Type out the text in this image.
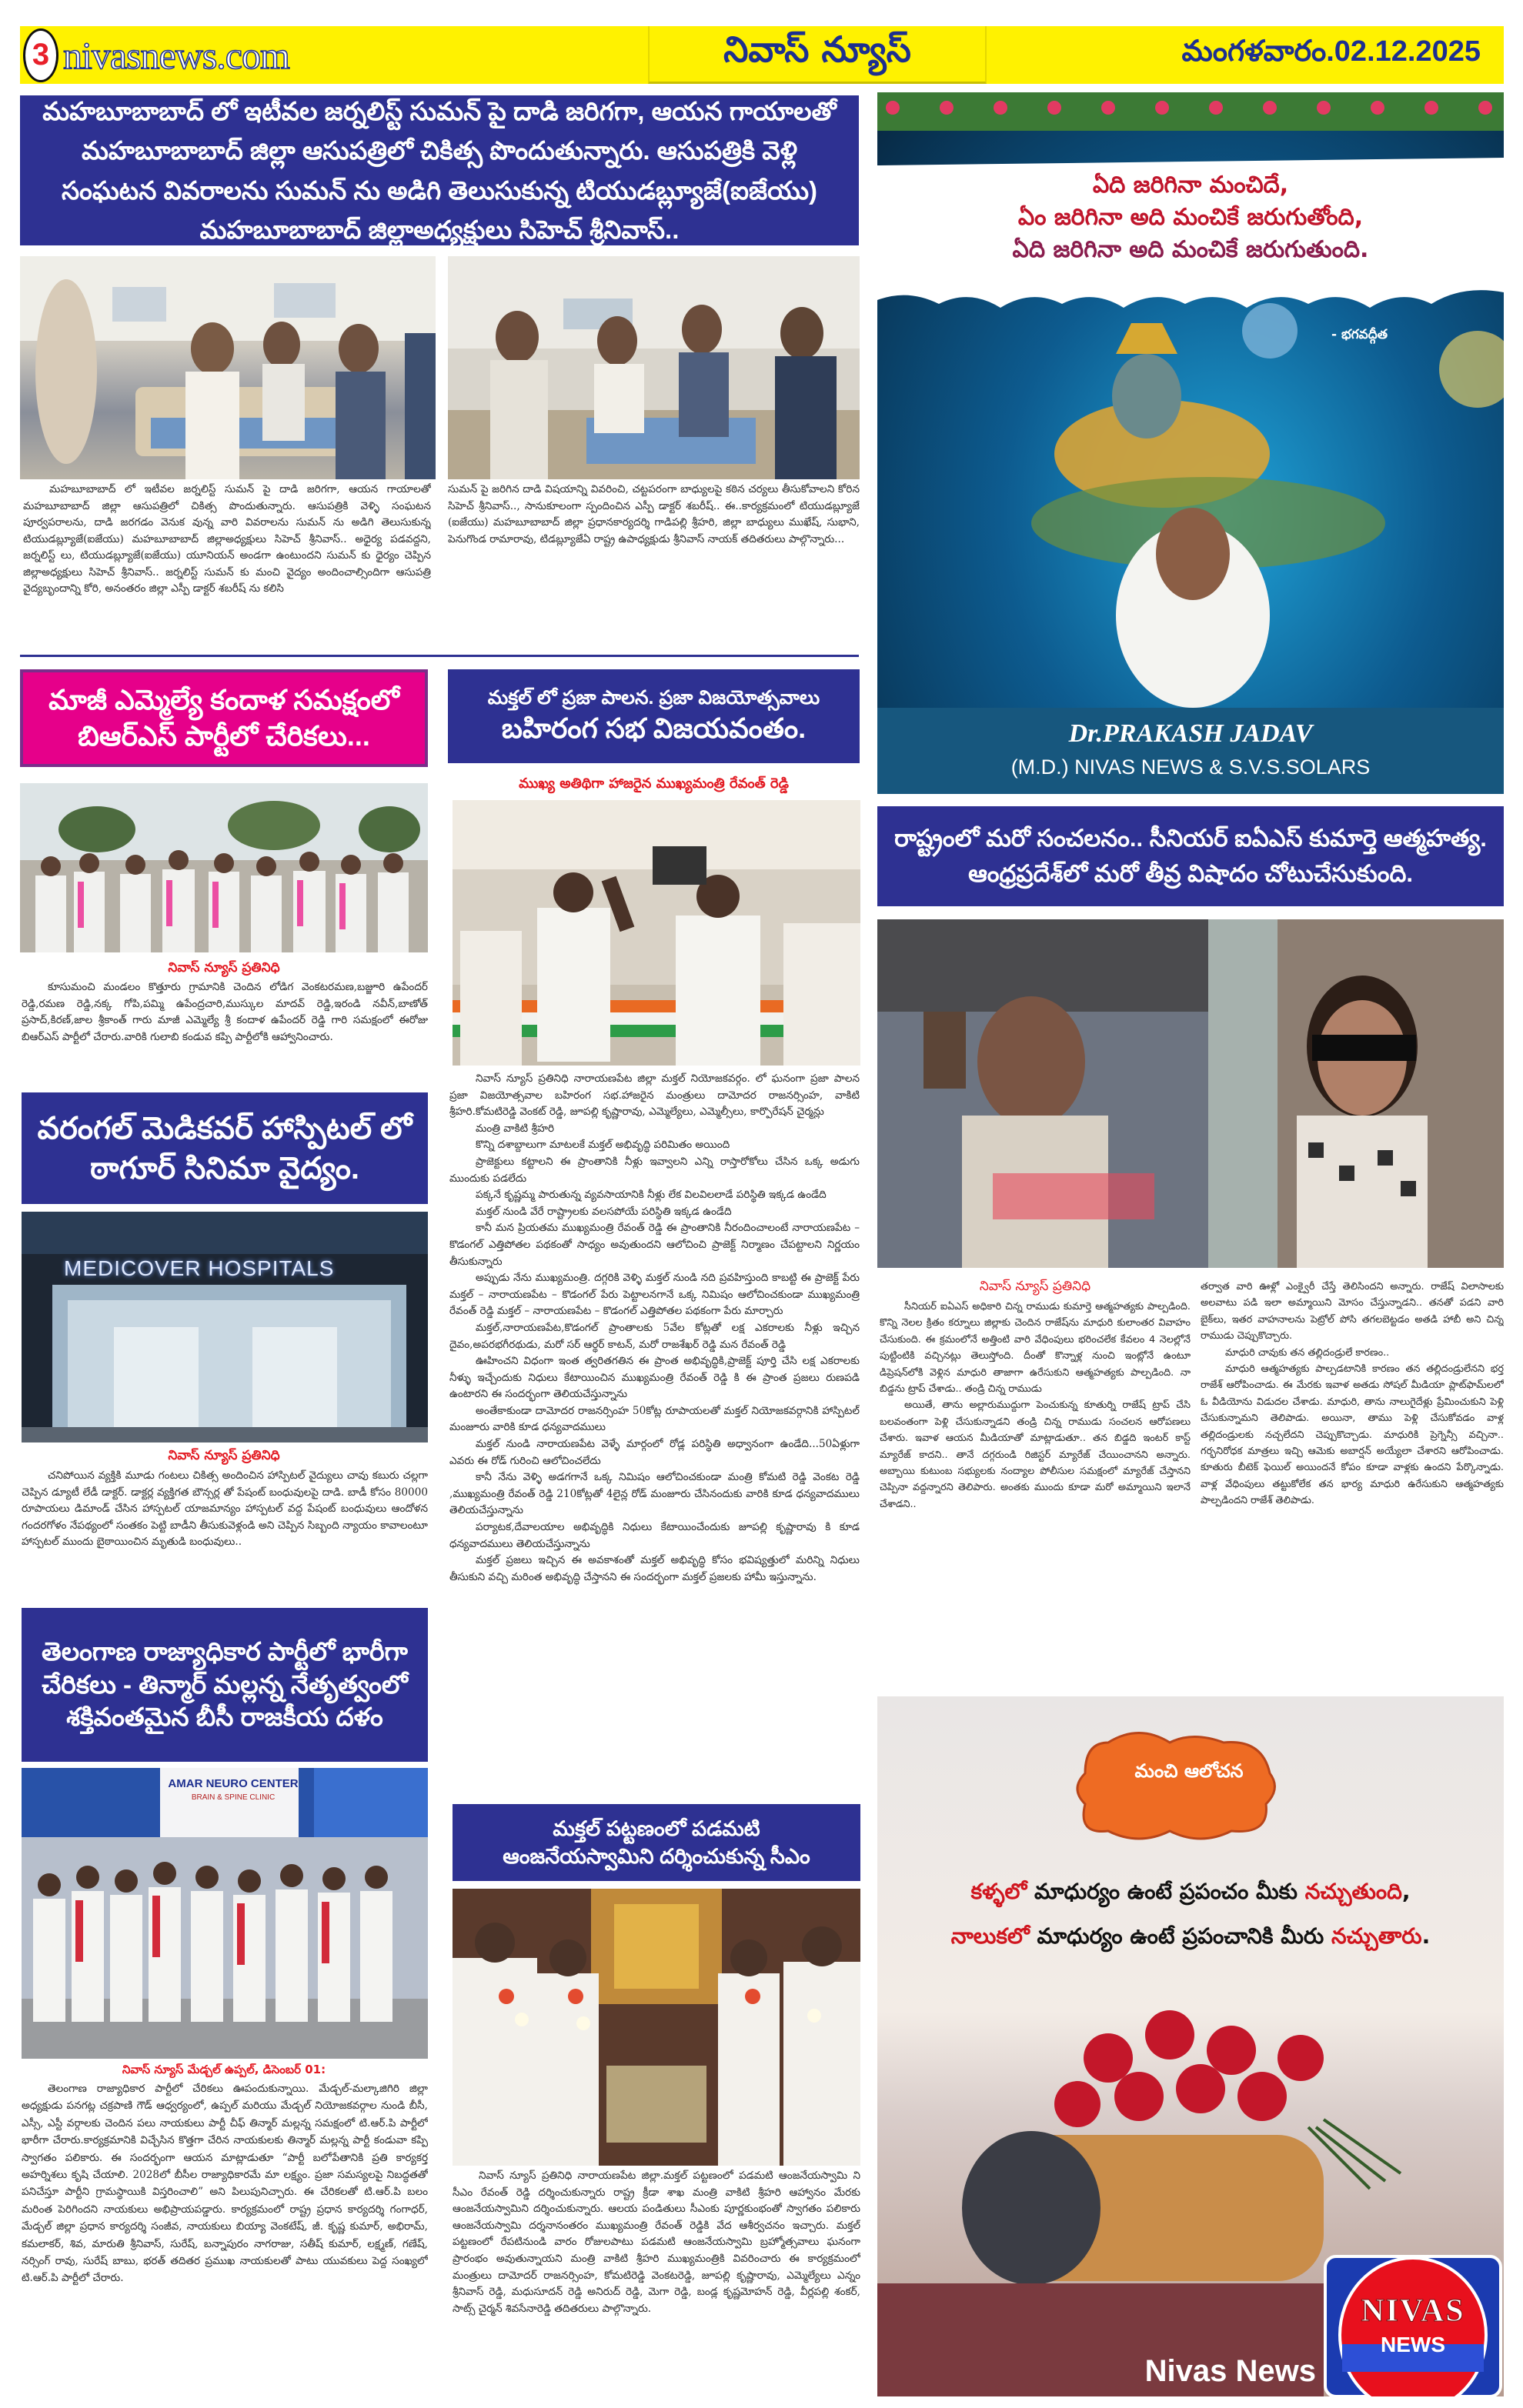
3 nivasnews.com	నివాస్ న్యూస్	మంగళవారం.02.12.2025
మహబూబాబాద్ లో ఇటీవల జర్నలిస్ట్ సుమన్ పై దాడి జరిగగా, ఆయన గాయాలతో మహబూబాబాద్ జిల్లా ఆసుపత్రిలో చికిత్స పొందుతున్నారు. ఆసుపత్రికి వెళ్లి సంఘటన వివరాలను సుమన్ ను అడిగి తెలుసుకున్న టియుడబ్ల్యూజే(ఐజేయు) మహబూబాబాద్ జిల్లాఅధ్యక్షులు సిహెచ్ శ్రీనివాస్..

మహబూబాబాద్ లో ఇటీవల జర్నలిస్ట్ సుమన్ పై దాడి జరిగగా, ఆయన గాయాలతో మహబూబాబాద్ జిల్లా ఆసుపత్రిలో చికిత్స పొందుతున్నారు. ఆసుపత్రికి వెళ్ళి సంఘటన పూర్వపరాలను, దాడి జరగడం వెనుక వున్న వారి వివరాలను సుమన్ ను అడిగి తెలుసుకున్న టియుడబ్ల్యూజే(ఐజేయు) మహబూబాబాద్ జిల్లాఅధ్యక్షులు సిహెచ్ శ్రీనివాస్.. అధైర్య పడవద్దని, జర్నలిస్ట్ లు, టియుడబ్ల్యూజే(ఐజేయు) యూనియన్ అండగా ఉంటుందని సుమన్ కు ధైర్యం చెప్పిన జిల్లాఅధ్యక్షులు సిహెచ్ శ్రీనివాస్.. జర్నలిస్ట్ సుమన్ కు మంచి వైద్యం అందించాల్సిందిగా ఆసుపత్రి వైద్యబృందాన్ని కోరి, అనంతరం జిల్లా ఎస్పీ డాక్టర్ శబరీష్ ను కలిసి

సుమన్ పై జరిగిన దాడి విషయాన్ని వివరించి, చట్టపరంగా బాధ్యులపై కఠిన చర్యలు తీసుకోవాలని కోరిన సిహెచ్ శ్రీనివాస్.., సానుకూలంగా స్పందించిన ఎస్పీ డాక్టర్ శబరీష్.. ఈ..కార్యక్రమంలో టియుడబ్ల్యూజే (ఐజేయు) మహబూబాబాద్ జిల్లా ప్రధానకార్యదర్శి గాడిపల్లి శ్రీహరి, జిల్లా బాధ్యులు ముఖేష్, సుభాని, పెనుగొండ రామారావు, టిడబ్ల్యూజేఏ రాష్ట్ర ఉపాధ్యక్షుడు శ్రీనివాస్ నాయక్ తదితరులు పాల్గొన్నారు...

మాజీ ఎమ్మెల్యే కందాళ సమక్షంలో బిఆర్ఎస్ పార్టీలో చేరికలు...
నివాస్ న్యూస్ ప్రతినిధి

కూసుమంచి మండలం కొత్తూరు గ్రామానికి చెందిన లోడిగ వెంకటరమణ,బజ్జూరి ఉపేందర్ రెడ్డి,రమణ రెడ్డి,నక్క గోపి,పమ్మి ఉపేంద్రచారి,ముస్కుల మాదవ్ రెడ్డి,ఇరండి నవీన్,బాణోత్ ప్రసాద్,కిరణ్,జాల శ్రీకాంత్ గారు మాజీ ఎమ్మెల్యే శ్రీ కందాళ ఉపేందర్ రెడ్డి గారి సమక్షంలో ఈరోజు బిఆర్ఎస్ పార్టీలో చేరారు.వారికి గులాబి కండువ కప్పి పార్టీలోకి ఆహ్వానించారు.

వరంగల్ మెడికవర్ హాస్పిటల్ లో ఠాగూర్ సినిమా వైద్యం.
MEDICOVER HOSPITALS
నివాస్ న్యూస్ ప్రతినిధి

చనిపోయిన వ్యక్తికి మూడు గంటలు చికిత్స అందించిన హాస్పిటల్ వైద్యులు చావు కబురు చల్లగా చెప్పిన డ్యూటీ లేడీ డాక్టర్. డాక్టర్ల వ్యక్తిగత బౌన్సర్ల తో పేషంట్ బంధువులపై దాడి. బాడీ కోసం 80000 రూపాయలు డిమాండ్ చేసిన హాస్పటల్ యాజమాన్యం హాస్పటల్ వద్ద పేషంట్ బంధువులు ఆందోళన గందరగోళం నేపథ్యంలో సంతకం పెట్టి బాడీని తీసుకువెళ్లండి అని చెప్పిన సిబ్బంది న్యాయం కావాలంటూ హాస్పటల్ ముందు బైఠాయించిన మృతుడి బంధువులు..

తెలంగాణ రాజ్యాధికార పార్టీలో భారీగా చేరికలు - తిన్మార్ మల్లన్న నేతృత్వంలో శక్తివంతమైన బీసీ రాజకీయ దళం
AMAR NEURO CENTER
BRAIN & SPINE CLINIC
నివాస్ న్యూస్ మేడ్చల్ ఉప్పల్, డిసెంబర్ 01:

తెలంగాణ రాజ్యాధికార పార్టీలో చేరికలు ఊపందుకున్నాయి. మేడ్చల్-మల్కాజిగిరి జిల్లా అధ్యక్షుడు పనగట్ల చక్రపాణి గౌడ్ ఆధ్వర్యంలో, ఉప్పల్ మరియు మేడ్చల్ నియోజకవర్గాల నుండి బీసీ, ఎస్సీ, ఎస్టీ వర్గాలకు చెందిన పలు నాయకులు పార్టీ చీఫ్ తిన్మార్ మల్లన్న సమక్షంలో టి.ఆర్.పి పార్టీలో భారీగా చేరారు.కార్యక్రమానికి విచ్చేసిన కొత్తగా చేరిన నాయకులకు తిన్మార్ మల్లన్న పార్టీ కండువా కప్పి స్వాగతం పలికారు. ఈ సందర్భంగా ఆయన మాట్లాడుతూ “పార్టీ బలోపేతానికి ప్రతి కార్యకర్త అహర్నిశలు కృషి చేయాలి. 2028లో బీసీల రాజ్యాధికారమే మా లక్ష్యం. ప్రజా సమస్యలపై నిబద్ధతతో పనిచేస్తూ పార్టీని గ్రామస్థాయికి విస్తరించాలి” అని పిలుపునిచ్చారు. ఈ చేరికలతో టి.ఆర్.పి బలం మరింత పెరిగిందని నాయకులు అభిప్రాయపడ్డారు. కార్యక్రమంలో రాష్ట్ర ప్రధాన కార్యదర్శి గంగాధర్, మేడ్చల్ జిల్లా ప్రధాన కార్యదర్శి సంజీవ, నాయకులు బియ్యా వెంకటేష్, జీ. కృష్ణ కుమార్, అభిరామ్, కమలాకర్, శివ, మారుతి శ్రీనివాస్, సురేష్, బన్నాపురం నాగరాజు, సతీష్ కుమార్, లక్ష్మణ్, గణేష్, నర్సింగ్ రావు, సురేష్ బాబు, భరత్ తదితర ప్రముఖ నాయకులతో పాటు యువకులు పెద్ద సంఖ్యలో టి.ఆర్.పి పార్టీలో చేరారు.

మక్తల్ లో ప్రజా పాలన. ప్రజా విజయోత్సవాలు
బహిరంగ సభ విజయవంతం.
ముఖ్య అతిథిగా హాజరైన ముఖ్యమంత్రి రేవంత్ రెడ్డి

నివాస్ న్యూస్ ప్రతినిధి నారాయణపేట జిల్లా మక్తల్ నియోజకవర్గం. లో ఘనంగా ప్రజా పాలన ప్రజా విజయోత్సవాల బహిరంగ సభ.హాజరైన మంత్రులు దామోదర రాజనర్సింహ, వాకిటి శ్రీహరి.కోమటిరెడ్డి వెంకట్ రెడ్డి, జూపల్లి కృష్ణారావు, ఎమ్మెల్యేలు, ఎమ్మెల్సీలు, కార్పొరేషన్ చైర్మన్లు

మంత్రి వాకిటి శ్రీహరి

కొన్ని దశాబ్దాలుగా మాటలకే మక్తల్ అభివృద్ధి పరిమితం అయింది

ప్రాజెక్టులు కట్టాలని ఈ ప్రాంతానికి నీళ్లు ఇవ్వాలని ఎన్ని రాస్తారోకోలు చేసిన ఒక్క అడుగు ముందుకు పడలేదు

పక్కనే కృష్ణమ్మ పారుతున్న వ్యవసాయానికి నీళ్లు లేక విలవిలలాడే పరిస్థితి ఇక్కడ ఉండేది

మక్తల్ నుండి వేరే రాష్ట్రాలకు వలసపోయే పరిస్థితి ఇక్కడ ఉండేది

కానీ మన ప్రియతమ ముఖ్యమంత్రి రేవంత్ రెడ్డి ఈ ప్రాంతానికి నీరందించాలంటే నారాయణపేట – కొడంగల్ ఎత్తిపోతల పథకంతో సాధ్యం అవుతుందని ఆలోచించి ప్రాజెక్ట్ నిర్మాణం చేపట్టాలని నిర్ణయం తీసుకున్నారు

అప్పుడు నేను ముఖ్యమంత్రి. దగ్గరికి వెళ్ళి మక్తల్ నుండి నది ప్రవహిస్తుంది కాబట్టి ఈ ప్రాజెక్ట్ పేరు మక్తల్ – నారాయణపేట – కొడంగల్ పేరు పెట్టాలనగానే ఒక్క నిమిషం ఆలోచించకుండా ముఖ్యమంత్రి రేవంత్ రెడ్డి మక్తల్ – నారాయణపేట – కొడంగల్ ఎత్తిపోతల పథకంగా పేరు మార్చారు

మక్తల్,నారాయణపేట,కొడంగల్ ప్రాంతాలకు 5వేల కోట్లతో లక్ష ఎకరాలకు నీళ్లు ఇచ్చిన దైవం,అపరభగీరథుడు, మరో సర్ ఆర్థర్ కాటన్, మరో రాజశేఖర్ రెడ్డి మన రేవంత్ రెడ్డి

ఊహించని విధంగా ఇంత త్వరితగతిన ఈ ప్రాంత అభివృద్ధికి,ప్రాజెక్ట్ పూర్తి చేసి లక్ష ఎకరాలకు నీళ్ళు ఇచ్చేందుకు నిధులు కేటాయించిన ముఖ్యమంత్రి రేవంత్ రెడ్డి కి ఈ ప్రాంత ప్రజలు రుణపడి ఉంటారని ఈ సందర్భంగా తెలియచేస్తున్నాను

అంతేకాకుండా దామోదర రాజనర్సింహ 50కోట్ల రూపాయలతో మక్తల్ నియోజకవర్గానికి హాస్పిటల్ మంజూరు వారికి కూడ ధన్యవాదములు

మక్తల్ నుండి నారాయణపేట వెళ్ళే మార్గంలో రోడ్ల పరిస్థితి అధ్వానంగా ఉండేది...50ఏళ్లుగా ఎవరు ఈ రోడ్ గురించి ఆలోచించలేదు

కానీ నేను వెళ్ళి అడగగానే ఒక్క నిమిషం ఆలోచించకుండా మంత్రి కోమటి రెడ్డి వెంకట రెడ్డి ,ముఖ్యమంత్రి రేవంత్ రెడ్డి 210కోట్లతో 4లైన్ల రోడ్ మంజూరు చేసినందుకు వారికి కూడ ధన్యవాదములు తెలియచేస్తున్నాను

పర్యాటక,దేవాలయాల అభివృద్ధికి నిధులు కేటాయించేందుకు జూపల్లి కృష్ణారావు కి కూడ ధన్యవాదములు తెలియచేస్తున్నాను

మక్తల్ ప్రజలు ఇచ్చిన ఈ అవకాశంతో మక్తల్ అభివృద్ధి కోసం భవిష్యత్తులో మరిన్ని నిధులు తీసుకుని వచ్చి మరింత అభివృద్ధి చేస్తానని ఈ సందర్భంగా మక్తల్ ప్రజలకు హామీ ఇస్తున్నాను.

మక్తల్ పట్టణంలో పడమటి
ఆంజనేయస్వామిని దర్శించుకున్న సీఎం

నివాస్ న్యూస్ ప్రతినిధి నారాయణపేట జిల్లా.మక్తల్ పట్టణంలో పడమటి ఆంజనేయస్వామి ని సీఎం రేవంత్ రెడ్డి దర్శించుకున్నారు రాష్ట్ర క్రీడా శాఖ మంత్రి వాకిటి శ్రీహరి ఆహ్వానం మేరకు ఆంజనేయస్వామిని దర్శించుకున్నారు. ఆలయ పండితులు సీఎంకు పూర్ణకుంభంతో స్వాగతం పలికారు ఆంజనేయస్వామి దర్శనానంతరం ముఖ్యమంత్రి రేవంత్ రెడ్డికి వేద ఆశీర్వచనం ఇచ్చారు. మక్తల్ పట్టణంలో రేపటినుండి వారం రోజులపాటు పడమటి ఆంజనేయస్వామి బ్రహ్మోత్సవాలు ఘనంగా ప్రారంభం అవుతున్నాయని మంత్రి వాకిటి శ్రీహరి ముఖ్యమంత్రికి వివరించారు ఈ కార్యక్రమంలో మంత్రులు దామోదర్ రాజనర్సింహ, కోమటిరెడ్డి వెంకటరెడ్డి, జూపల్లి కృష్ణారావు, ఎమ్మెల్యేలు ఎన్నం శ్రీనివాస్ రెడ్డి, మధుసూదన్ రెడ్డి అనిరుద్ రెడ్డి, మెగా రెడ్డి, బండ్ల కృష్ణమోహన్ రెడ్డి, వీర్లపల్లి శంకర్, సాట్స్ చైర్మన్ శివసేనారెడ్డి తదితరులు పాల్గొన్నారు.

ఏది జరిగినా మంచిదే,
ఏం జరిగినా అది మంచికే జరుగుతోంది,
ఏది జరిగినా అది మంచికే జరుగుతుంది.
- భగవద్గీత
Dr.PRAKASH JADAV
(M.D.) NIVAS NEWS & S.V.S.SOLARS
రాష్ట్రంలో మరో సంచలనం.. సీనియర్ ఐఏఎస్ కుమార్తె ఆత్మహత్య. ఆంధ్రప్రదేశ్‌లో మరో తీవ్ర విషాదం చోటుచేసుకుంది.
నివాస్ న్యూస్ ప్రతినిధి

సీనియర్ ఐఏఎస్ అధికారి చిన్న రాముడు కుమార్తె ఆత్మహత్యకు పాల్పడింది. కొన్ని నెలల క్రితం కర్నూలు జిల్లాకు చెందిన రాజేష్‌ను మాధురి కులాంతర వివాహం చేసుకుంది. ఈ క్రమంలోనే అత్తింటి వారి వేధింపులు భరించలేక కేవలం 4 నెలల్లోనే పుట్టింటికి వచ్చినట్లు తెలుస్తోంది. దీంతో కొన్నాళ్ల నుంచి ఇంట్లోనే ఉంటూ డిప్రెషన్‌లోకి వెళ్లిన మాధురి తాజాగా ఉరేసుకుని ఆత్మహత్యకు పాల్పడింది. నా బిడ్డను ట్రాప్ చేశాడు.. తండ్రి చిన్న రాముడు

అయితే, తాను అల్లారుముద్దుగా పెంచుకున్న కూతుర్ని రాజేష్ ట్రాప్ చేసి బలవంతంగా పెళ్లి చేసుకున్నాడని తండ్రి చిన్న రాముడు సంచలన ఆరోపణలు చేశారు. ఇవాళ ఆయన మీడియాతో మాట్లాడుతూ.. తన బిడ్డది ఇంటర్ కాస్ట్ మ్యారేజ్ కాదని.. తానే దగ్గరుండి రిజిస్టర్ మ్యారేజ్ చేయించానని అన్నారు. అబ్బాయి కుటుంబ సభ్యులకు నంద్యాల పోలీసుల సమక్షంలో మ్యారేజ్ చేస్తానని చెప్పినా వద్దన్నారని తెలిపారు. అంతకు ముందు కూడా మరో అమ్మాయిని ఇలానే చేశాడని..

తర్వాత వారి ఊళ్లో ఎంక్వైరీ చేస్తే తెలిసిందని అన్నారు. రాజేష్ విలాసాలకు అలవాటు పడి ఇలా అమ్మాయిని మోసం చేస్తున్నాడని.. తనతో పడని వారి బైక్‌లు, ఇతర వాహనాలను పెట్రోల్ పోసి తగలబెట్టడం అతడి హాబీ అని చిన్న రాముడు చెప్పుకొచ్చారు.

మాధురి చావుకు తన తల్లిదండ్రులే కారణం..

మాధురి ఆత్మహత్యకు పాల్పడటానికి కారణం తన తల్లిదండ్రులేనని భర్త రాజేశ్ ఆరోపించాడు. ఈ మేరకు ఇవాళ అతడు సోషల్ మీడియా ప్లాట్‌ఫామ్‌లలో ఓ వీడియోను విడుదల చేశాడు. మాధురి, తాను నాలుగైదేళ్లు ప్రేమించుకుని పెళ్లి చేసుకున్నామని తెలిపాడు. అయినా, తాము పెళ్లి చేసుకోవడం వాళ్ల తల్లిదండ్రులకు నచ్చలేదని చెప్పుకొచ్చాడు. మాధురికి ప్రెగ్నెన్సీ వచ్చినా.. గర్భనిరోధక మాత్రలు ఇచ్చి ఆమెకు అబార్షన్ అయ్యేలా చేశారని ఆరోపించాడు. కూతురు బీటెక్ ఫెయిల్ అయిందనే కోపం కూడా వాళ్లకు ఉందని పేర్కొన్నాడు. వాళ్ల వేధింపులు తట్టుకోలేక తన భార్య మాధురి ఉరేసుకుని ఆత్మహత్యకు పాల్పడిందని రాజేశ్ తెలిపాడు.

మంచి ఆలోచన
కళ్ళలో మాధుర్యం ఉంటే ప్రపంచం మీకు నచ్చుతుంది,
నాలుకలో మాధుర్యం ఉంటే ప్రపంచానికి మీరు నచ్చుతారు.
Nivas News
NIVAS
NEWS
